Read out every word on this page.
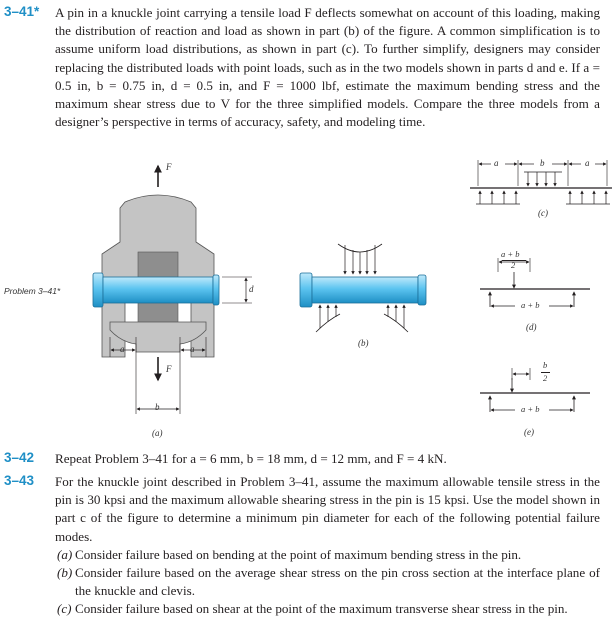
3–41* A pin in a knuckle joint carrying a tensile load F deflects somewhat on account of this loading, making the distribution of reaction and load as shown in part (b) of the figure. A common simplification is to assume uniform load distributions, as shown in part (c). To further simplify, designers may consider replacing the distributed loads with point loads, such as in the two models shown in parts d and e. If a = 0.5 in, b = 0.75 in, d = 0.5 in, and F = 1000 lbf, estimate the maximum bending stress and the maximum shear stress due to V for the three simplified models. Compare the three models from a designer’s perspective in terms of accuracy, safety, and modeling time.

Problem 3–41*
F
F
d
a	a
b
(a)
(b)
a	b	a
(c)
a + b
2
a + b
(d)
b
2
a + b
(e)
3–42 Repeat Problem 3–41 for a = 6 mm, b = 18 mm, d = 12 mm, and F = 4 kN.

3–43 For the knuckle joint described in Problem 3–41, assume the maximum allowable tensile stress in the pin is 30 kpsi and the maximum allowable shearing stress in the pin is 15 kpsi. Use the model shown in part c of the figure to determine a minimum pin diameter for each of the following potential failure modes.

(a) Consider failure based on bending at the point of maximum bending stress in the pin.
(b) Consider failure based on the average shear stress on the pin cross section at the interface plane of the knuckle and clevis.
(c) Consider failure based on shear at the point of the maximum transverse shear stress in the pin.
